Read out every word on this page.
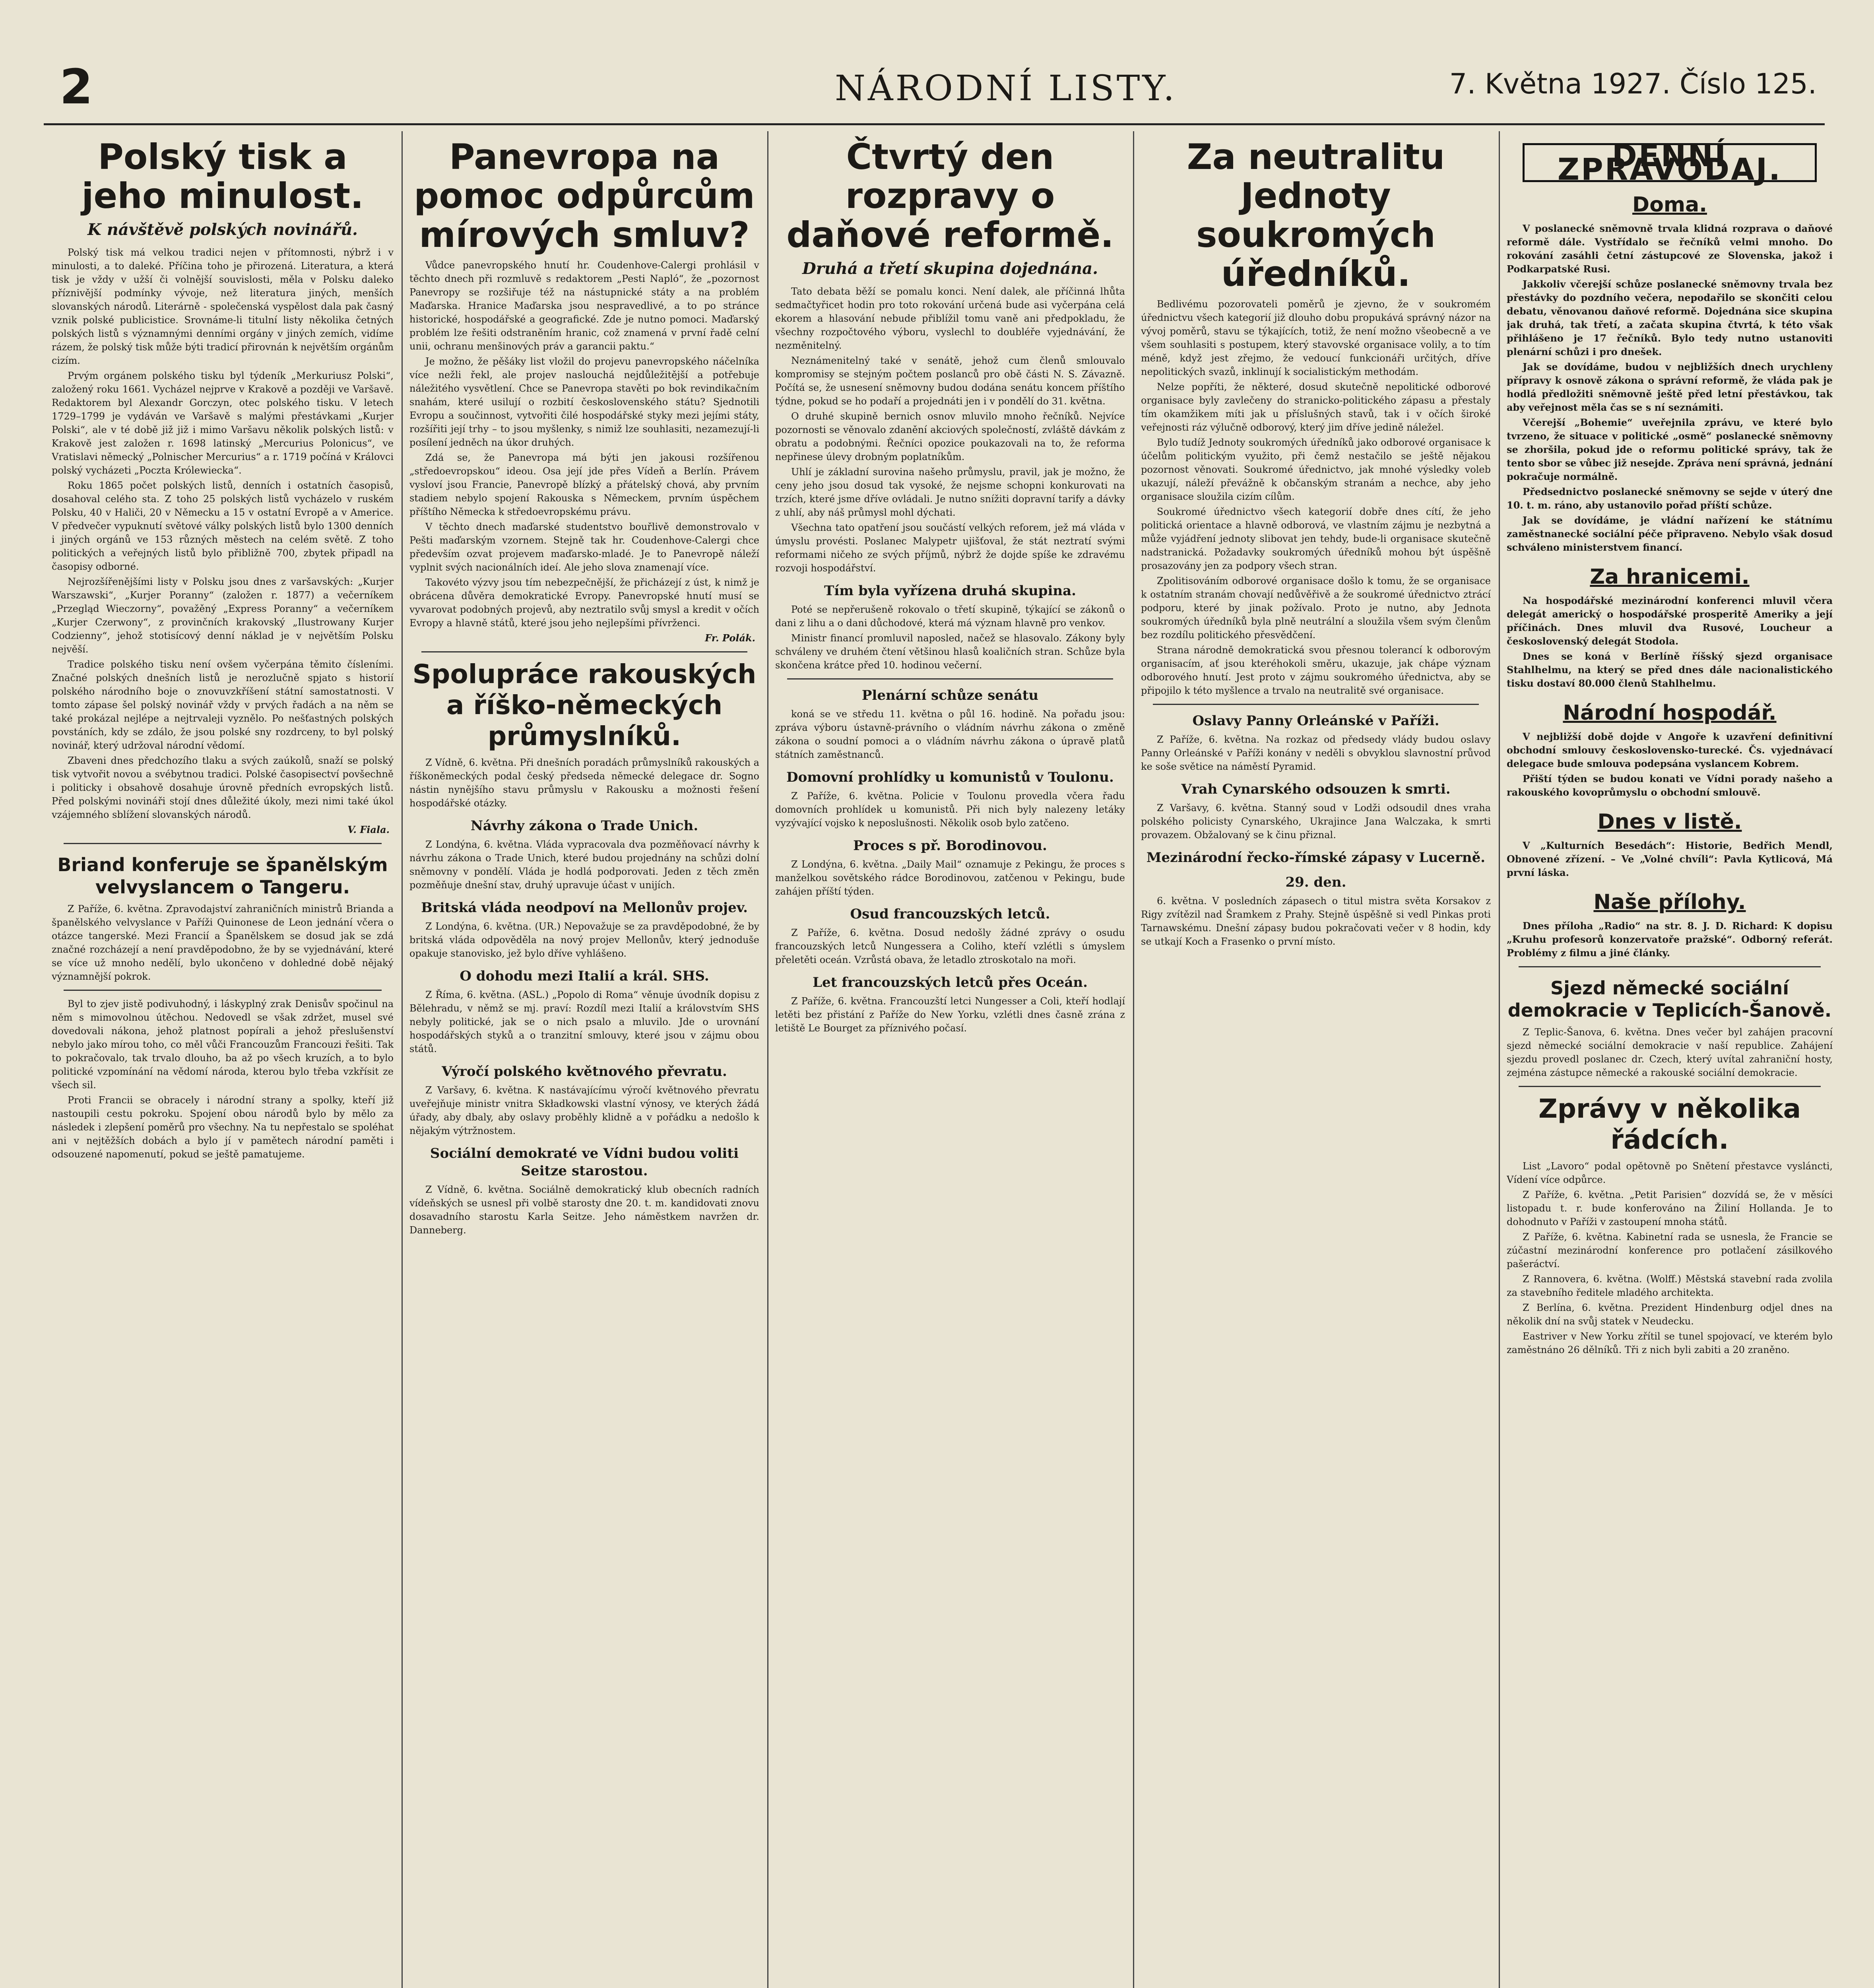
2	NÁRODNÍ LISTY.	7. Května 1927. Číslo 125.
Polský tisk a jeho minulost.
K návštěvě polských novinářů.

Polský tisk má velkou tradici nejen v přítomnosti, nýbrž i v minulosti, a to daleké. Příčina toho je přirozená. Literatura, a která tisk je vždy v užší či volnější souvislosti, měla v Polsku daleko příznivější podmínky vývoje, než literatura jiných, menších slovanských národů. Literárně - společenská vyspělost dala pak časný vznik polské publicistice. Srovnáme-li titulní listy několika četných polských listů s významnými denními orgány v jiných zemích, vidíme rázem, že polský tisk může býti tradicí přirovnán k největším orgánům cizím.

Prvým orgánem polského tisku byl týdeník „Merkuriusz Polski“, založený roku 1661. Vycházel nejprve v Krakově a později ve Varšavě. Redaktorem byl Alexandr Gorczyn, otec polského tisku. V letech 1729–1799 je vydáván ve Varšavě s malými přestávkami „Kurjer Polski“, ale v té době již již i mimo Varšavu několik polských listů: v Krakově jest založen r. 1698 latinský „Mercurius Polonicus“, ve Vratislavi německý „Polnischer Mercurius“ a r. 1719 počíná v Královci polský vycházeti „Poczta Królewiecka“.

Roku 1865 počet polských listů, denních i ostatních časopisů, dosahoval celého sta. Z toho 25 polských listů vycházelo v ruském Polsku, 40 v Haliči, 20 v Německu a 15 v ostatní Evropě a v Americe. V předvečer vypuknutí světové války polských listů bylo 1300 denních i jiných orgánů ve 153 různých městech na celém světě. Z toho politických a veřejných listů bylo přibližně 700, zbytek připadl na časopisy odborné.

Nejrozšířenějšími listy v Polsku jsou dnes z varšavských: „Kurjer Warszawski“, „Kurjer Poranny“ (založen r. 1877) a večerníkem „Przegląd Wieczorny“, považěný „Express Poranny“ a večerníkem „Kurjer Czerwony“, z provinčních krakovský „Ilustrowany Kurjer Codzienny“, jehož stotisícový denní náklad je v největším Polsku nejvěší.

Tradice polského tisku není ovšem vyčerpána těmito čísleními. Značné polských dnešních listů je nerozlučně spjato s historií polského národního boje o znovuvzkříšení státní samostatnosti. V tomto zápase šel polský novinář vždy v prvých řadách a na něm se také prokázal nejlépe a nejtrvaleji vyznělo. Po nešťastných polských povstáních, kdy se zdálo, že jsou polské sny rozdrceny, to byl polský novinář, který udržoval národní vědomí.

Zbaveni dnes předchozího tlaku a svých zaúkolů, snaží se polský tisk vytvořit novou a svébytnou tradici. Polské časopisectví povšechně i politicky i obsahově dosahuje úrovně předních evropských listů. Před polskými novináři stojí dnes důležité úkoly, mezi nimi také úkol vzájemného sblížení slovanských národů.

V. Fiala.
Briand konferuje se španělským velvyslancem o Tangeru.

Z Paříže, 6. května. Zpravodajství zahraničních ministrů Brianda a španělského velvyslance v Paříži Quinonese de Leon jednání včera o otázce tangerské. Mezi Francií a Španělskem se dosud jak se zdá značné rozcházejí a není pravděpodobno, že by se vyjednávání, které se více už mnoho nedělí, bylo ukončeno v dohledné době nějaký významnější pokrok.

Byl to zjev jistě podivuhodný, i láskyplný zrak Denisův spočinul na něm s mimovolnou útěchou. Nedovedl se však zdržet, musel své dovedovali nákona, jehož platnost popírali a jehož přeslušenství nebylo jako mírou toho, co měl vůči Francouzům Francouzi řešiti. Tak to pokračovalo, tak trvalo dlouho, ba až po všech kruzích, a to bylo politické vzpomínání na vědomí národa, kterou bylo třeba vzkřísit ze všech sil.

Proti Francii se obracely i národní strany a spolky, kteří již nastoupili cestu pokroku. Spojení obou národů bylo by mělo za následek i zlepšení poměrů pro všechny. Na tu nepřestalo se spoléhat ani v nejtěžších dobách a bylo jí v pamětech národní paměti i odsouzené napomenutí, pokud se ještě pamatujeme.

Panevropa na pomoc odpůrcům mírových smluv?

Vůdce panevropského hnutí hr. Coudenhove-Calergi prohlásil v těchto dnech při rozmluvě s redaktorem „Pesti Napló“, že „pozornost Panevropy se rozšiřuje též na nástupnické státy a na problém Maďarska. Hranice Maďarska jsou nespravedlivé, a to po stránce historické, hospodářské a geografické. Zde je nutno pomoci. Maďarský problém lze řešiti odstraněním hranic, což znamená v první řadě celní unii, ochranu menšinových práv a garancii paktu.“

Je možno, že pěšáky list vložil do projevu panevropského náčelníka více nežli řekl, ale projev naslouchá nejdůležitější a potřebuje náležitého vysvětlení. Chce se Panevropa stavěti po bok revindikačním snahám, které usilují o rozbití československého státu? Sjednotili Evropu a součinnost, vytvořiti čilé hospodářské styky mezi jejími státy, rozšířiti její trhy – to jsou myšlenky, s nimiž lze souhlasiti, nezamezují-li posílení jedněch na úkor druhých.

Zdá se, že Panevropa má býti jen jakousi rozšířenou „středoevropskou“ ideou. Osa její jde přes Vídeň a Berlín. Právem vysloví jsou Francie, Panevropě blízký a přátelský chová, aby prvním stadiem nebylo spojení Rakouska s Německem, prvním úspěchem příštího Německa k středoevropskému právu.

V těchto dnech maďarské studentstvo bouřlivě demonstrovalo v Pešti maďarským vzornem. Stejně tak hr. Coudenhove-Calergi chce především ozvat projevem maďarsko-mladé. Je to Panevropě náleží vyplnit svých nacionálních ideí. Ale jeho slova znamenají více.

Takovéto výzvy jsou tím nebezpečnější, že přicházejí z úst, k nimž je obrácena důvěra demokratické Evropy. Panevropské hnutí musí se vyvarovat podobných projevů, aby neztratilo svůj smysl a kredit v očích Evropy a hlavně států, které jsou jeho nejlepšími přívrženci.

Fr. Polák.
Spolupráce rakouských a říško-německých průmyslníků.

Z Vídně, 6. května. Při dnešních poradách průmyslníků rakouských a říškoněmeckých podal český předseda německé delegace dr. Sogno nástin nynějšího stavu průmyslu v Rakousku a možnosti řešení hospodářské otázky.

Návrhy zákona o Trade Unich.

Z Londýna, 6. května. Vláda vypracovala dva pozměňovací návrhy k návrhu zákona o Trade Unich, které budou projednány na schůzi dolní sněmovny v pondělí. Vláda je hodlá podporovati. Jeden z těch změn pozměňuje dnešní stav, druhý upravuje účast v unijích.

Britská vláda neodpoví na Mellonův projev.

Z Londýna, 6. května. (UR.) Nepovažuje se za pravděpodobné, že by britská vláda odpověděla na nový projev Mellonův, který jednoduše opakuje stanovisko, jež bylo dříve vyhlášeno.

O dohodu mezi Italií a král. SHS.

Z Říma, 6. května. (ASL.) „Popolo di Roma“ věnuje úvodník dopisu z Bělehradu, v němž se mj. praví: Rozdíl mezi Italií a královstvím SHS nebyly politické, jak se o nich psalo a mluvilo. Jde o urovnání hospodářských styků a o tranzitní smlouvy, které jsou v zájmu obou států.

Výročí polského květnového převratu.

Z Varšavy, 6. května. K nastávajícímu výročí květnového převratu uveřejňuje ministr vnitra Składkowski vlastní výnosy, ve kterých žádá úřady, aby dbaly, aby oslavy proběhly klidně a v pořádku a nedošlo k nějakým výtržnostem.

Sociální demokraté ve Vídni budou voliti Seitze starostou.

Z Vídně, 6. května. Sociálně demokratický klub obecních radních vídeňských se usnesl při volbě starosty dne 20. t. m. kandidovati znovu dosavadního starostu Karla Seitze. Jeho náměstkem navržen dr. Danneberg.

Čtvrtý den rozpravy o daňové reformě.
Druhá a třetí skupina dojednána.

Tato debata běží se pomalu konci. Není dalek, ale příčinná lhůta sedmačtyřicet hodin pro toto rokování určená bude asi vyčerpána celá ekorem a hlasování nebude přiblížil tomu vaně ani předpokladu, že všechny rozpočtového výboru, vyslechl to doubléře vyjednávání, že nezměnitelný.

Neznámenitelný také v senátě, jehož cum členů smlouvalo kompromisy se stejným počtem poslanců pro obě části N. S. Závazně. Počítá se, že usnesení sněmovny budou dodána senátu koncem příštího týdne, pokud se ho podaří a projednáti jen i v pondělí do 31. května.

O druhé skupině bernich osnov mluvilo mnoho řečníků. Nejvíce pozornosti se věnovalo zdanění akciových společností, zvláště dávkám z obratu a podobnými. Řečníci opozice poukazovali na to, že reforma nepřinese úlevy drobným poplatníkům.

Uhlí je základní surovina našeho průmyslu, pravil, jak je možno, že ceny jeho jsou dosud tak vysoké, že nejsme schopni konkurovati na trzích, které jsme dříve ovládali. Je nutno snížiti dopravní tarify a dávky z uhlí, aby náš průmysl mohl dýchati.

Všechna tato opatření jsou součástí velkých reforem, jež má vláda v úmyslu provésti. Poslanec Malypetr ujišťoval, že stát neztratí svými reformami ničeho ze svých příjmů, nýbrž že dojde spíše ke zdravému rozvoji hospodářství.

Tím byla vyřízena druhá skupina.

Poté se nepřerušeně rokovalo o třetí skupině, týkající se zákonů o dani z lihu a o dani důchodové, která má význam hlavně pro venkov.

Ministr financí promluvil naposled, načež se hlasovalo. Zákony byly schváleny ve druhém čtení většinou hlasů koaličních stran. Schůze byla skončena krátce před 10. hodinou večerní.

Plenární schůze senátu

koná se ve středu 11. května o půl 16. hodině. Na pořadu jsou: zpráva výboru ústavně-právního o vládním návrhu zákona o změně zákona o soudní pomoci a o vládním návrhu zákona o úpravě platů státních zaměstnanců.

Domovní prohlídky u komunistů v Toulonu.

Z Paříže, 6. května. Policie v Toulonu provedla včera řadu domovních prohlídek u komunistů. Při nich byly nalezeny letáky vyzývající vojsko k neposlušnosti. Několik osob bylo zatčeno.

Proces s př. Borodinovou.

Z Londýna, 6. května. „Daily Mail“ oznamuje z Pekingu, že proces s manželkou sovětského rádce Borodinovou, zatčenou v Pekingu, bude zahájen příští týden.

Osud francouzských letců.

Z Paříže, 6. května. Dosud nedošly žádné zprávy o osudu francouzských letců Nungessera a Coliho, kteří vzlétli s úmyslem přeletěti oceán. Vzrůstá obava, že letadlo ztroskotalo na moři.

Let francouzských letců přes Oceán.

Z Paříže, 6. května. Francouzští letci Nungesser a Coli, kteří hodlají letěti bez přistání z Paříže do New Yorku, vzlétli dnes časně zrána z letiště Le Bourget za příznivého počasí.

Za neutralitu Jednoty soukromých úředníků.

Bedlivému pozorovateli poměrů je zjevno, že v soukromém úřednictvu všech kategorií již dlouho dobu propukává správný názor na vývoj poměrů, stavu se týkajících, totiž, že není možno všeobecně a ve všem souhlasiti s postupem, který stavovské organisace volily, a to tím méně, když jest zřejmo, že vedoucí funkcionáři určitých, dříve nepolitických svazů, inklinují k socialistickým methodám.

Nelze popříti, že některé, dosud skutečně nepolitické odborové organisace byly zavlečeny do stranicko-politického zápasu a přestaly tím okamžikem míti jak u příslušných stavů, tak i v očích široké veřejnosti ráz výlučně odborový, který jim dříve jedině náležel.

Bylo tudíž Jednoty soukromých úředníků jako odborové organisace k účelům politickým využito, při čemž nestačilo se ještě nějakou pozornost věnovati. Soukromé úřednictvo, jak mnohé výsledky voleb ukazují, náleží převážně k občanským stranám a nechce, aby jeho organisace sloužila cizím cílům.

Soukromé úřednictvo všech kategorií dobře dnes cítí, že jeho politická orientace a hlavně odborová, ve vlastním zájmu je nezbytná a může vyjádření jednoty slibovat jen tehdy, bude-li organisace skutečně nadstranická. Požadavky soukromých úředníků mohou být úspěšně prosazovány jen za podpory všech stran.

Zpolitisováním odborové organisace došlo k tomu, že se organisace k ostatním stranám chovají nedůvěřivě a že soukromé úřednictvo ztrácí podporu, které by jinak požívalo. Proto je nutno, aby Jednota soukromých úředníků byla plně neutrální a sloužila všem svým členům bez rozdílu politického přesvědčení.

Strana národně demokratická svou přesnou tolerancí k odborovým organisacím, ať jsou kteréhokoli směru, ukazuje, jak chápe význam odborového hnutí. Jest proto v zájmu soukromého úřednictva, aby se připojilo k této myšlence a trvalo na neutralitě své organisace.

Oslavy Panny Orleánské v Paříži.

Z Paříže, 6. května. Na rozkaz od předsedy vlády budou oslavy Panny Orleánské v Paříži konány v neděli s obvyklou slavnostní průvod ke soše světice na náměstí Pyramid.

Vrah Cynarského odsouzen k smrti.

Z Varšavy, 6. května. Stanný soud v Lodži odsoudil dnes vraha polského policisty Cynarského, Ukrajince Jana Walczaka, k smrti provazem. Obžalovaný se k činu přiznal.

Mezinárodní řecko-římské zápasy v Lucerně.
29. den.

6. května. V posledních zápasech o titul mistra světa Korsakov z Rigy zvítězil nad Šramkem z Prahy. Stejně úspěšně si vedl Pinkas proti Tarnawskému. Dnešní zápasy budou pokračovati večer v 8 hodin, kdy se utkají Koch a Frasenko o první místo.

DENNÍ ZPRAVODAJ.
Doma.

V poslanecké sněmovně trvala klidná rozprava o daňové reformě dále. Vystřídalo se řečníků velmi mnoho. Do rokování zasáhli četní zástupcové ze Slovenska, jakož i Podkarpatské Rusi.

Jakkoliv včerejší schůze poslanecké sněmovny trvala bez přestávky do pozdního večera, nepodařilo se skončiti celou debatu, věnovanou daňové reformě. Dojednána sice skupina jak druhá, tak třetí, a začata skupina čtvrtá, k této však přihlášeno je 17 řečníků. Bylo tedy nutno ustanoviti plenární schůzi i pro dnešek.

Jak se dovídáme, budou v nejbližších dnech urychleny přípravy k osnově zákona o správní reformě, že vláda pak je hodlá předložiti sněmovně ještě před letní přestávkou, tak aby veřejnost měla čas se s ní seznámiti.

Včerejší „Bohemie“ uveřejnila zprávu, ve které bylo tvrzeno, že situace v politické „osmě“ poslanecké sněmovny se zhoršila, pokud jde o reformu politické správy, tak že tento sbor se vůbec již nesejde. Zpráva není správná, jednání pokračuje normálně.

Předsednictvo poslanecké sněmovny se sejde v úterý dne 10. t. m. ráno, aby ustanovilo pořad příští schůze.

Jak se dovídáme, je vládní nařízení ke státnímu zaměstnanecké sociální péče připraveno. Nebylo však dosud schváleno ministerstvem financí.

Za hranicemi.

Na hospodářské mezinárodní konferenci mluvil včera delegát americký o hospodářské prosperitě Ameriky a její příčinách. Dnes mluvil dva Rusové, Loucheur a československý delegát Stodola.

Dnes se koná v Berlíně říšský sjezd organisace Stahlhelmu, na který se před dnes dále nacionalistického tisku dostaví 80.000 členů Stahlhelmu.

Národní hospodář.

V nejbližší době dojde v Angoře k uzavření definitivní obchodní smlouvy československo-turecké. Čs. vyjednávací delegace bude smlouva podepsána vyslancem Kobrem.

Přiští týden se budou konati ve Vídni porady našeho a rakouského kovoprůmyslu o obchodní smlouvě.

Dnes v listě.

V „Kulturních Besedách“: Historie, Bedřich Mendl, Obnovené zřízení. – Ve „Volné chvíli“: Pavla Kytlicová, Má první láska.

Naše přílohy.

Dnes příloha „Radio“ na str. 8. J. D. Richard: K dopisu „Kruhu profesorů konzervatoře pražské“. Odborný referát. Problémy z filmu a jiné články.

Sjezd německé sociální demokracie v Teplicích-Šanově.

Z Teplic-Šanova, 6. května. Dnes večer byl zahájen pracovní sjezd německé sociální demokracie v naší republice. Zahájení sjezdu provedl poslanec dr. Czech, který uvítal zahraniční hosty, zejména zástupce německé a rakouské sociální demokracie.

Zprávy v několika řádcích.

List „Lavoro“ podal opětovně po Snětení přestavce vysláncti, Vídení více odpůrce.

Z Paříže, 6. května. „Petit Parisien“ dozvídá se, že v měsíci listopadu t. r. bude konferováno na Žiliní Hollanda. Je to dohodnuto v Paříži v zastoupení mnoha států.

Z Paříže, 6. května. Kabinetní rada se usnesla, že Francie se zúčastní mezinárodní konference pro potlačení zásilkového pašeráctví.

Z Rannovera, 6. května. (Wolff.) Městská stavební rada zvolila za stavebního ředitele mladého architekta.

Z Berlína, 6. května. Prezident Hindenburg odjel dnes na několik dní na svůj statek v Neudecku.

Eastriver v New Yorku zřítil se tunel spojovací, ve kterém bylo zaměstnáno 26 dělníků. Tři z nich byli zabiti a 20 zraněno.
